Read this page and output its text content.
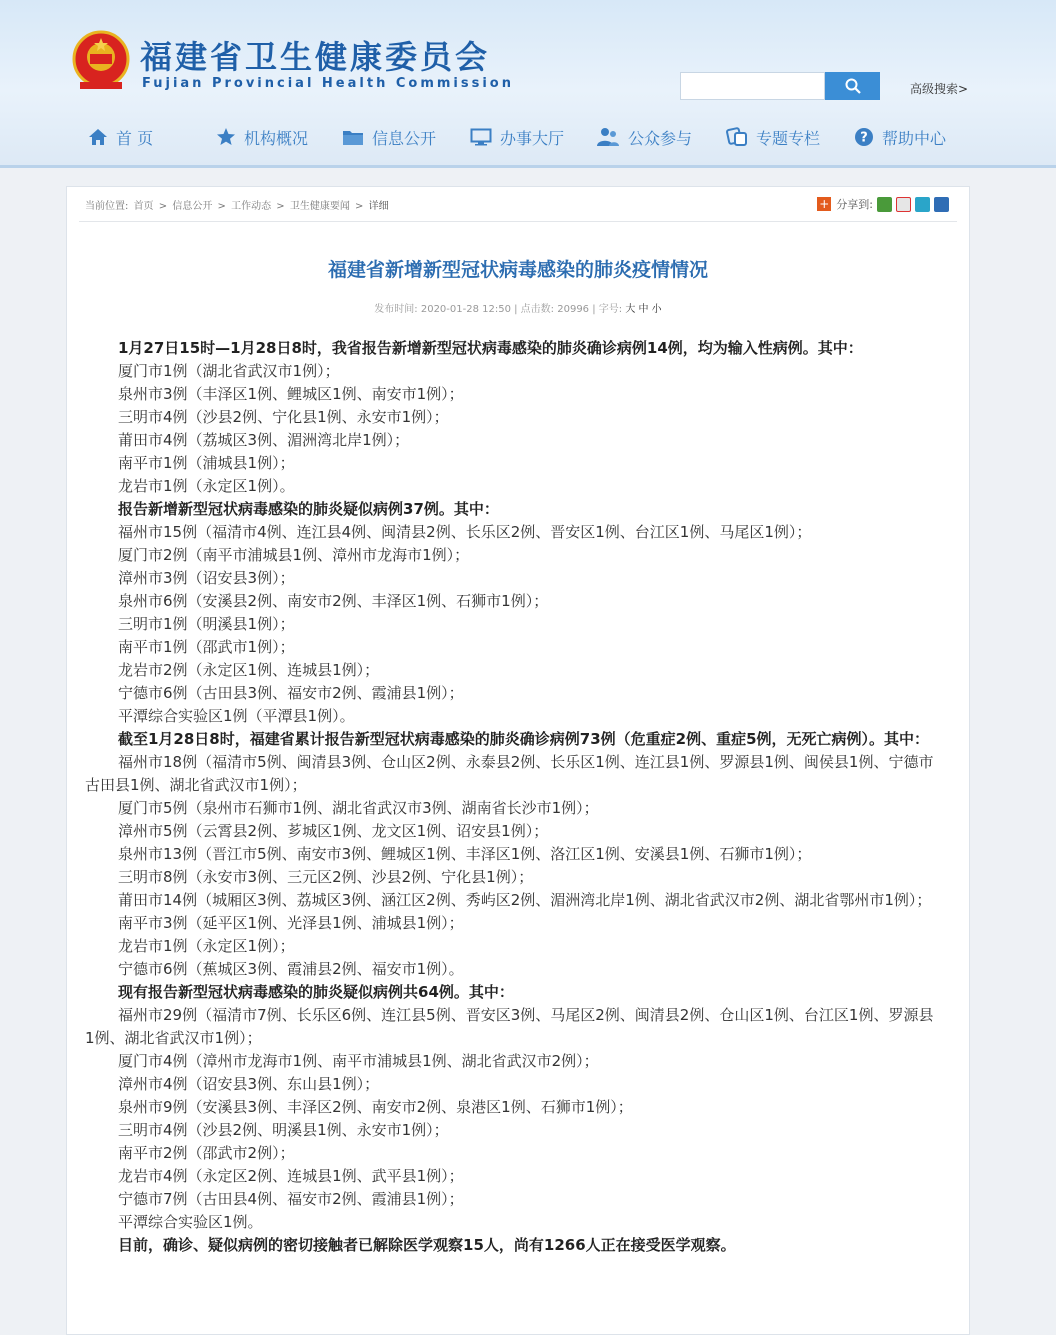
福建省卫生健康委员会
Fujian Provincial Health Commission	高级搜索>
首 页	机构概况	信息公开	办事大厅	公众参与	专题专栏	? 帮助中心
当前位置: 首页 > 信息公开 > 工作动态 > 卫生健康要闻 > 详细	+ 分享到:
福建省新增新型冠状病毒感染的肺炎疫情情况
发布时间: 2020-01-28 12:50 | 点击数: 20996 | 字号: 大 中 小

1月27日15时—1月28日8时，我省报告新增新型冠状病毒感染的肺炎确诊病例14例，均为输入性病例。其中：

厦门市1例（湖北省武汉市1例）；

泉州市3例（丰泽区1例、鲤城区1例、南安市1例）；

三明市4例（沙县2例、宁化县1例、永安市1例）；

莆田市4例（荔城区3例、湄洲湾北岸1例）；

南平市1例（浦城县1例）；

龙岩市1例（永定区1例）。

报告新增新型冠状病毒感染的肺炎疑似病例37例。其中：

福州市15例（福清市4例、连江县4例、闽清县2例、长乐区2例、晋安区1例、台江区1例、马尾区1例）；

厦门市2例（南平市浦城县1例、漳州市龙海市1例）；

漳州市3例（诏安县3例）；

泉州市6例（安溪县2例、南安市2例、丰泽区1例、石狮市1例）；

三明市1例（明溪县1例）；

南平市1例（邵武市1例）；

龙岩市2例（永定区1例、连城县1例）；

宁德市6例（古田县3例、福安市2例、霞浦县1例）；

平潭综合实验区1例（平潭县1例）。

截至1月28日8时，福建省累计报告新型冠状病毒感染的肺炎确诊病例73例（危重症2例、重症5例，无死亡病例）。其中：

福州市18例（福清市5例、闽清县3例、仓山区2例、永泰县2例、长乐区1例、连江县1例、罗源县1例、闽侯县1例、宁德市古田县1例、湖北省武汉市1例）；

厦门市5例（泉州市石狮市1例、湖北省武汉市3例、湖南省长沙市1例）；

漳州市5例（云霄县2例、芗城区1例、龙文区1例、诏安县1例）；

泉州市13例（晋江市5例、南安市3例、鲤城区1例、丰泽区1例、洛江区1例、安溪县1例、石狮市1例）；

三明市8例（永安市3例、三元区2例、沙县2例、宁化县1例）；

莆田市14例（城厢区3例、荔城区3例、涵江区2例、秀屿区2例、湄洲湾北岸1例、湖北省武汉市2例、湖北省鄂州市1例）；

南平市3例（延平区1例、光泽县1例、浦城县1例）；

龙岩市1例（永定区1例）；

宁德市6例（蕉城区3例、霞浦县2例、福安市1例）。

现有报告新型冠状病毒感染的肺炎疑似病例共64例。其中：

福州市29例（福清市7例、长乐区6例、连江县5例、晋安区3例、马尾区2例、闽清县2例、仓山区1例、台江区1例、罗源县1例、湖北省武汉市1例）；

厦门市4例（漳州市龙海市1例、南平市浦城县1例、湖北省武汉市2例）；

漳州市4例（诏安县3例、东山县1例）；

泉州市9例（安溪县3例、丰泽区2例、南安市2例、泉港区1例、石狮市1例）；

三明市4例（沙县2例、明溪县1例、永安市1例）；

南平市2例（邵武市2例）；

龙岩市4例（永定区2例、连城县1例、武平县1例）；

宁德市7例（古田县4例、福安市2例、霞浦县1例）；

平潭综合实验区1例。

目前，确诊、疑似病例的密切接触者已解除医学观察15人，尚有1266人正在接受医学观察。
